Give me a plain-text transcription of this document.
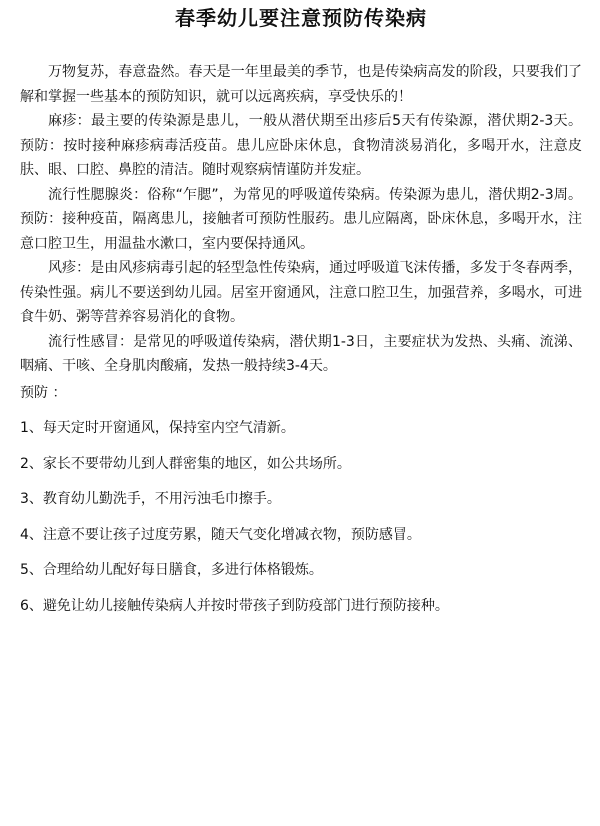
春季幼儿要注意预防传染病

万物复苏，春意盎然。春天是一年里最美的季节，也是传染病高发的阶段，只要我们了解和掌握一些基本的预防知识，就可以远离疾病，享受快乐的！

麻疹：最主要的传染源是患儿，一般从潜伏期至出疹后5天有传染源，潜伏期2-3天。预防：按时接种麻疹病毒活疫苗。患儿应卧床休息，食物清淡易消化，多喝开水，注意皮肤、眼、口腔、鼻腔的清洁。随时观察病情谨防并发症。

流行性腮腺炎：俗称“乍腮”，为常见的呼吸道传染病。传染源为患儿，潜伏期2-3周。预防：接种疫苗，隔离患儿，接触者可预防性服药。患儿应隔离，卧床休息，多喝开水，注意口腔卫生，用温盐水漱口，室内要保持通风。

风疹：是由风疹病毒引起的轻型急性传染病，通过呼吸道飞沫传播，多发于冬春两季，传染性强。病儿不要送到幼儿园。居室开窗通风，注意口腔卫生，加强营养，多喝水，可进食牛奶、粥等营养容易消化的食物。

流行性感冒：是常见的呼吸道传染病，潜伏期1-3日，主要症状为发热、头痛、流涕、咽痛、干咳、全身肌肉酸痛，发热一般持续3-4天。

预防 ：

1、每天定时开窗通风，保持室内空气清新。

2、家长不要带幼儿到人群密集的地区，如公共场所。

3、教育幼儿勤洗手，不用污浊毛巾擦手。

4、注意不要让孩子过度劳累，随天气变化增减衣物，预防感冒。

5、合理给幼儿配好每日膳食，多进行体格锻炼。

6、避免让幼儿接触传染病人并按时带孩子到防疫部门进行预防接种。
